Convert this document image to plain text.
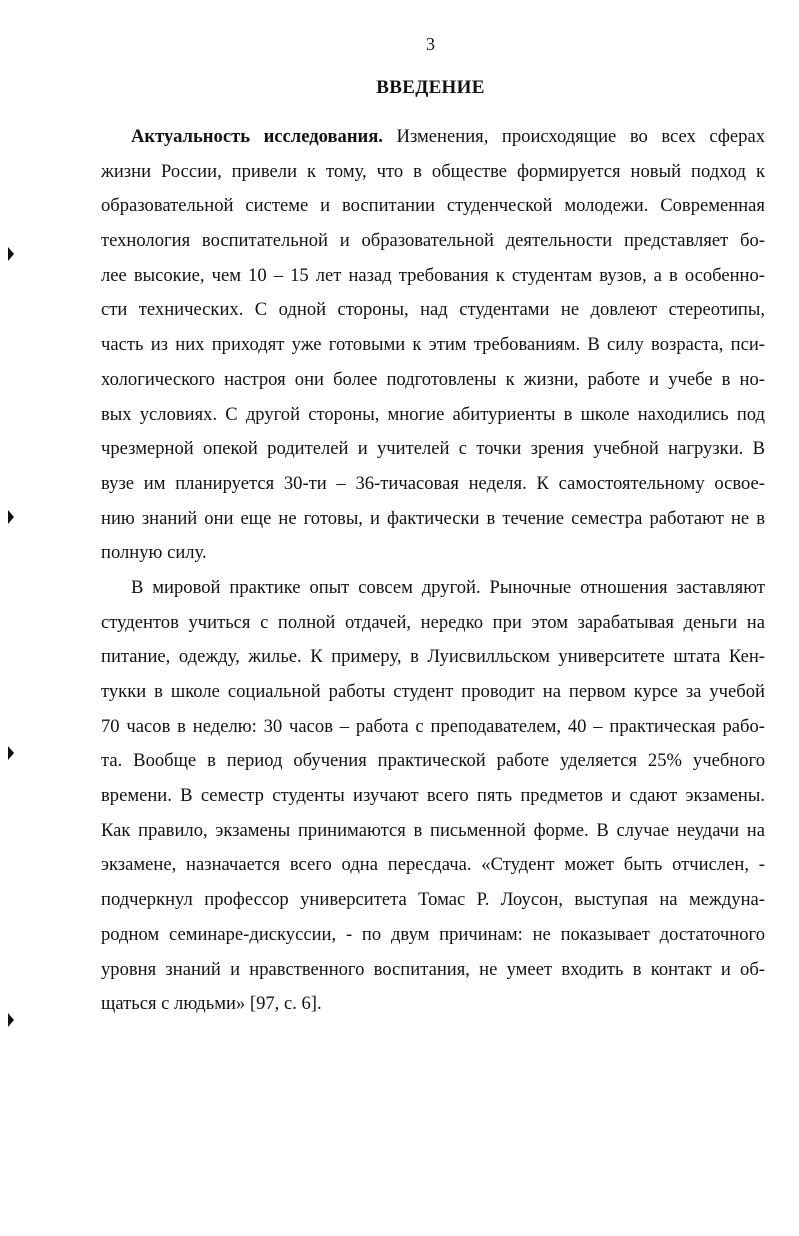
3
ВВЕДЕНИЕ
Актуальность исследования. Изменения, происходящие во всех сферах
жизни России, привели к тому, что в обществе формируется новый подход к
образовательной системе и воспитании студенческой молодежи. Современная
технология воспитательной и образовательной деятельности представляет бо-
лее высокие, чем 10 – 15 лет назад требования к студентам вузов, а в особенно-
сти технических. С одной стороны, над студентами не довлеют стереотипы,
часть из них приходят уже готовыми к этим требованиям. В силу возраста, пси-
хологического настроя они более подготовлены к жизни, работе и учебе в но-
вых условиях. С другой стороны, многие абитуриенты в школе находились под
чрезмерной опекой родителей и учителей с точки зрения учебной нагрузки. В
вузе им планируется 30-ти – 36-тичасовая неделя. К самостоятельному освое-
нию знаний они еще не готовы, и фактически в течение семестра работают не в
полную силу.
В мировой практике опыт совсем другой. Рыночные отношения заставляют
студентов учиться с полной отдачей, нередко при этом зарабатывая деньги на
питание, одежду, жилье. К примеру, в Луисвилльском университете штата Кен-
тукки в школе социальной работы студент проводит на первом курсе за учебой
70 часов в неделю: 30 часов – работа с преподавателем, 40 – практическая рабо-
та. Вообще в период обучения практической работе уделяется 25% учебного
времени. В семестр студенты изучают всего пять предметов и сдают экзамены.
Как правило, экзамены принимаются в письменной форме. В случае неудачи на
экзамене, назначается всего одна пересдача. «Студент может быть отчислен, -
подчеркнул профессор университета Томас Р. Лоусон, выступая на междуна-
родном семинаре-дискуссии, - по двум причинам: не показывает достаточного
уровня знаний и нравственного воспитания, не умеет входить в контакт и об-
щаться с людьми» [97, с. 6].
